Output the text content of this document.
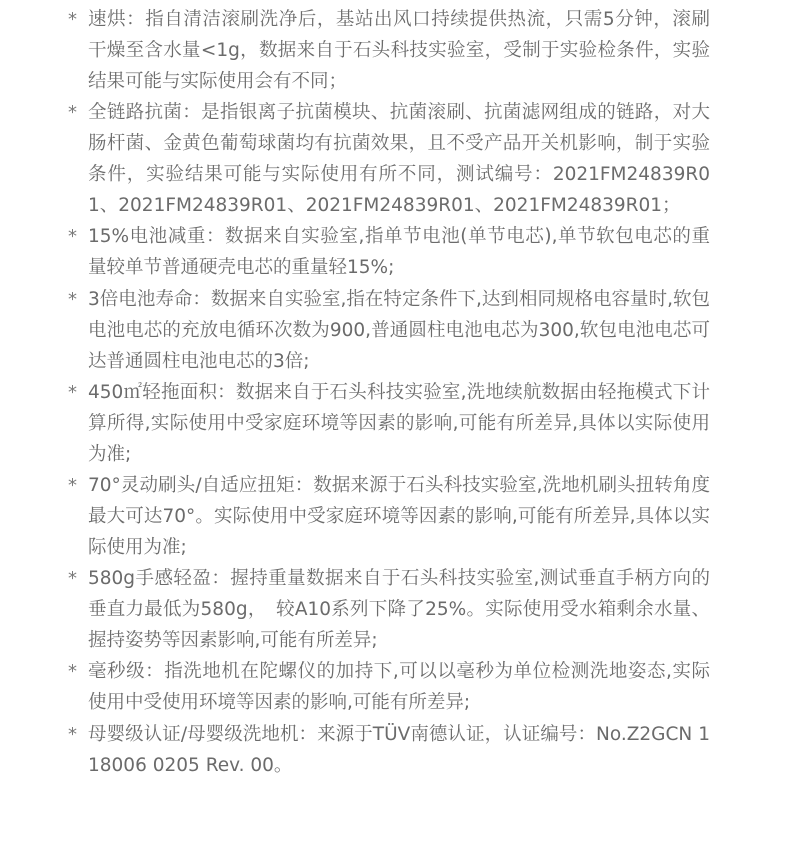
* 速烘：指自清洁滚刷洗净后，基站出风口持续提供热流，只需5分钟，滚刷干燥至含水量<1g，数据来自于石头科技实验室，受制于实验检条件，实验结果可能与实际使用会有不同；
* 全链路抗菌：是指银离子抗菌模块、抗菌滚刷、抗菌滤网组成的链路，对大肠杆菌、金黄色葡萄球菌均有抗菌效果，且不受产品开关机影响，制于实验条件，实验结果可能与实际使用有所不同，测试编号：2021FM24839R01、2021FM24839R01、2021FM24839R01、2021FM24839R01；
* 15%电池减重：数据来自实验室,指单节电池(单节电芯),单节软包电芯的重量较单节普通硬壳电芯的重量轻15%;
* 3倍电池寿命：数据来自实验室,指在特定条件下,达到相同规格电容量时,软包电池电芯的充放电循环次数为900,普通圆柱电池电芯为300,软包电池电芯可达普通圆柱电池电芯的3倍;
* 450㎡轻拖面积：数据来自于石头科技实验室,洗地续航数据由轻拖模式下计算所得,实际使用中受家庭环境等因素的影响,可能有所差异,具体以实际使用为准;
* 70°灵动刷头/自适应扭矩：数据来源于石头科技实验室,洗地机刷头扭转角度最大可达70°。实际使用中受家庭环境等因素的影响,可能有所差异,具体以实际使用为准;
* 580g手感轻盈：握持重量数据来自于石头科技实验室,测试垂直手柄方向的垂直力最低为580g，　较A10系列下降了25%。实际使用受水箱剩余水量、握持姿势等因素影响,可能有所差异;
* 毫秒级：指洗地机在陀螺仪的加持下,可以以毫秒为单位检测洗地姿态,实际使用中受使用环境等因素的影响,可能有所差异;
* 母婴级认证/母婴级洗地机：来源于TÜV南德认证，认证编号：No.Z2GCN 118006 0205 Rev. 00。
